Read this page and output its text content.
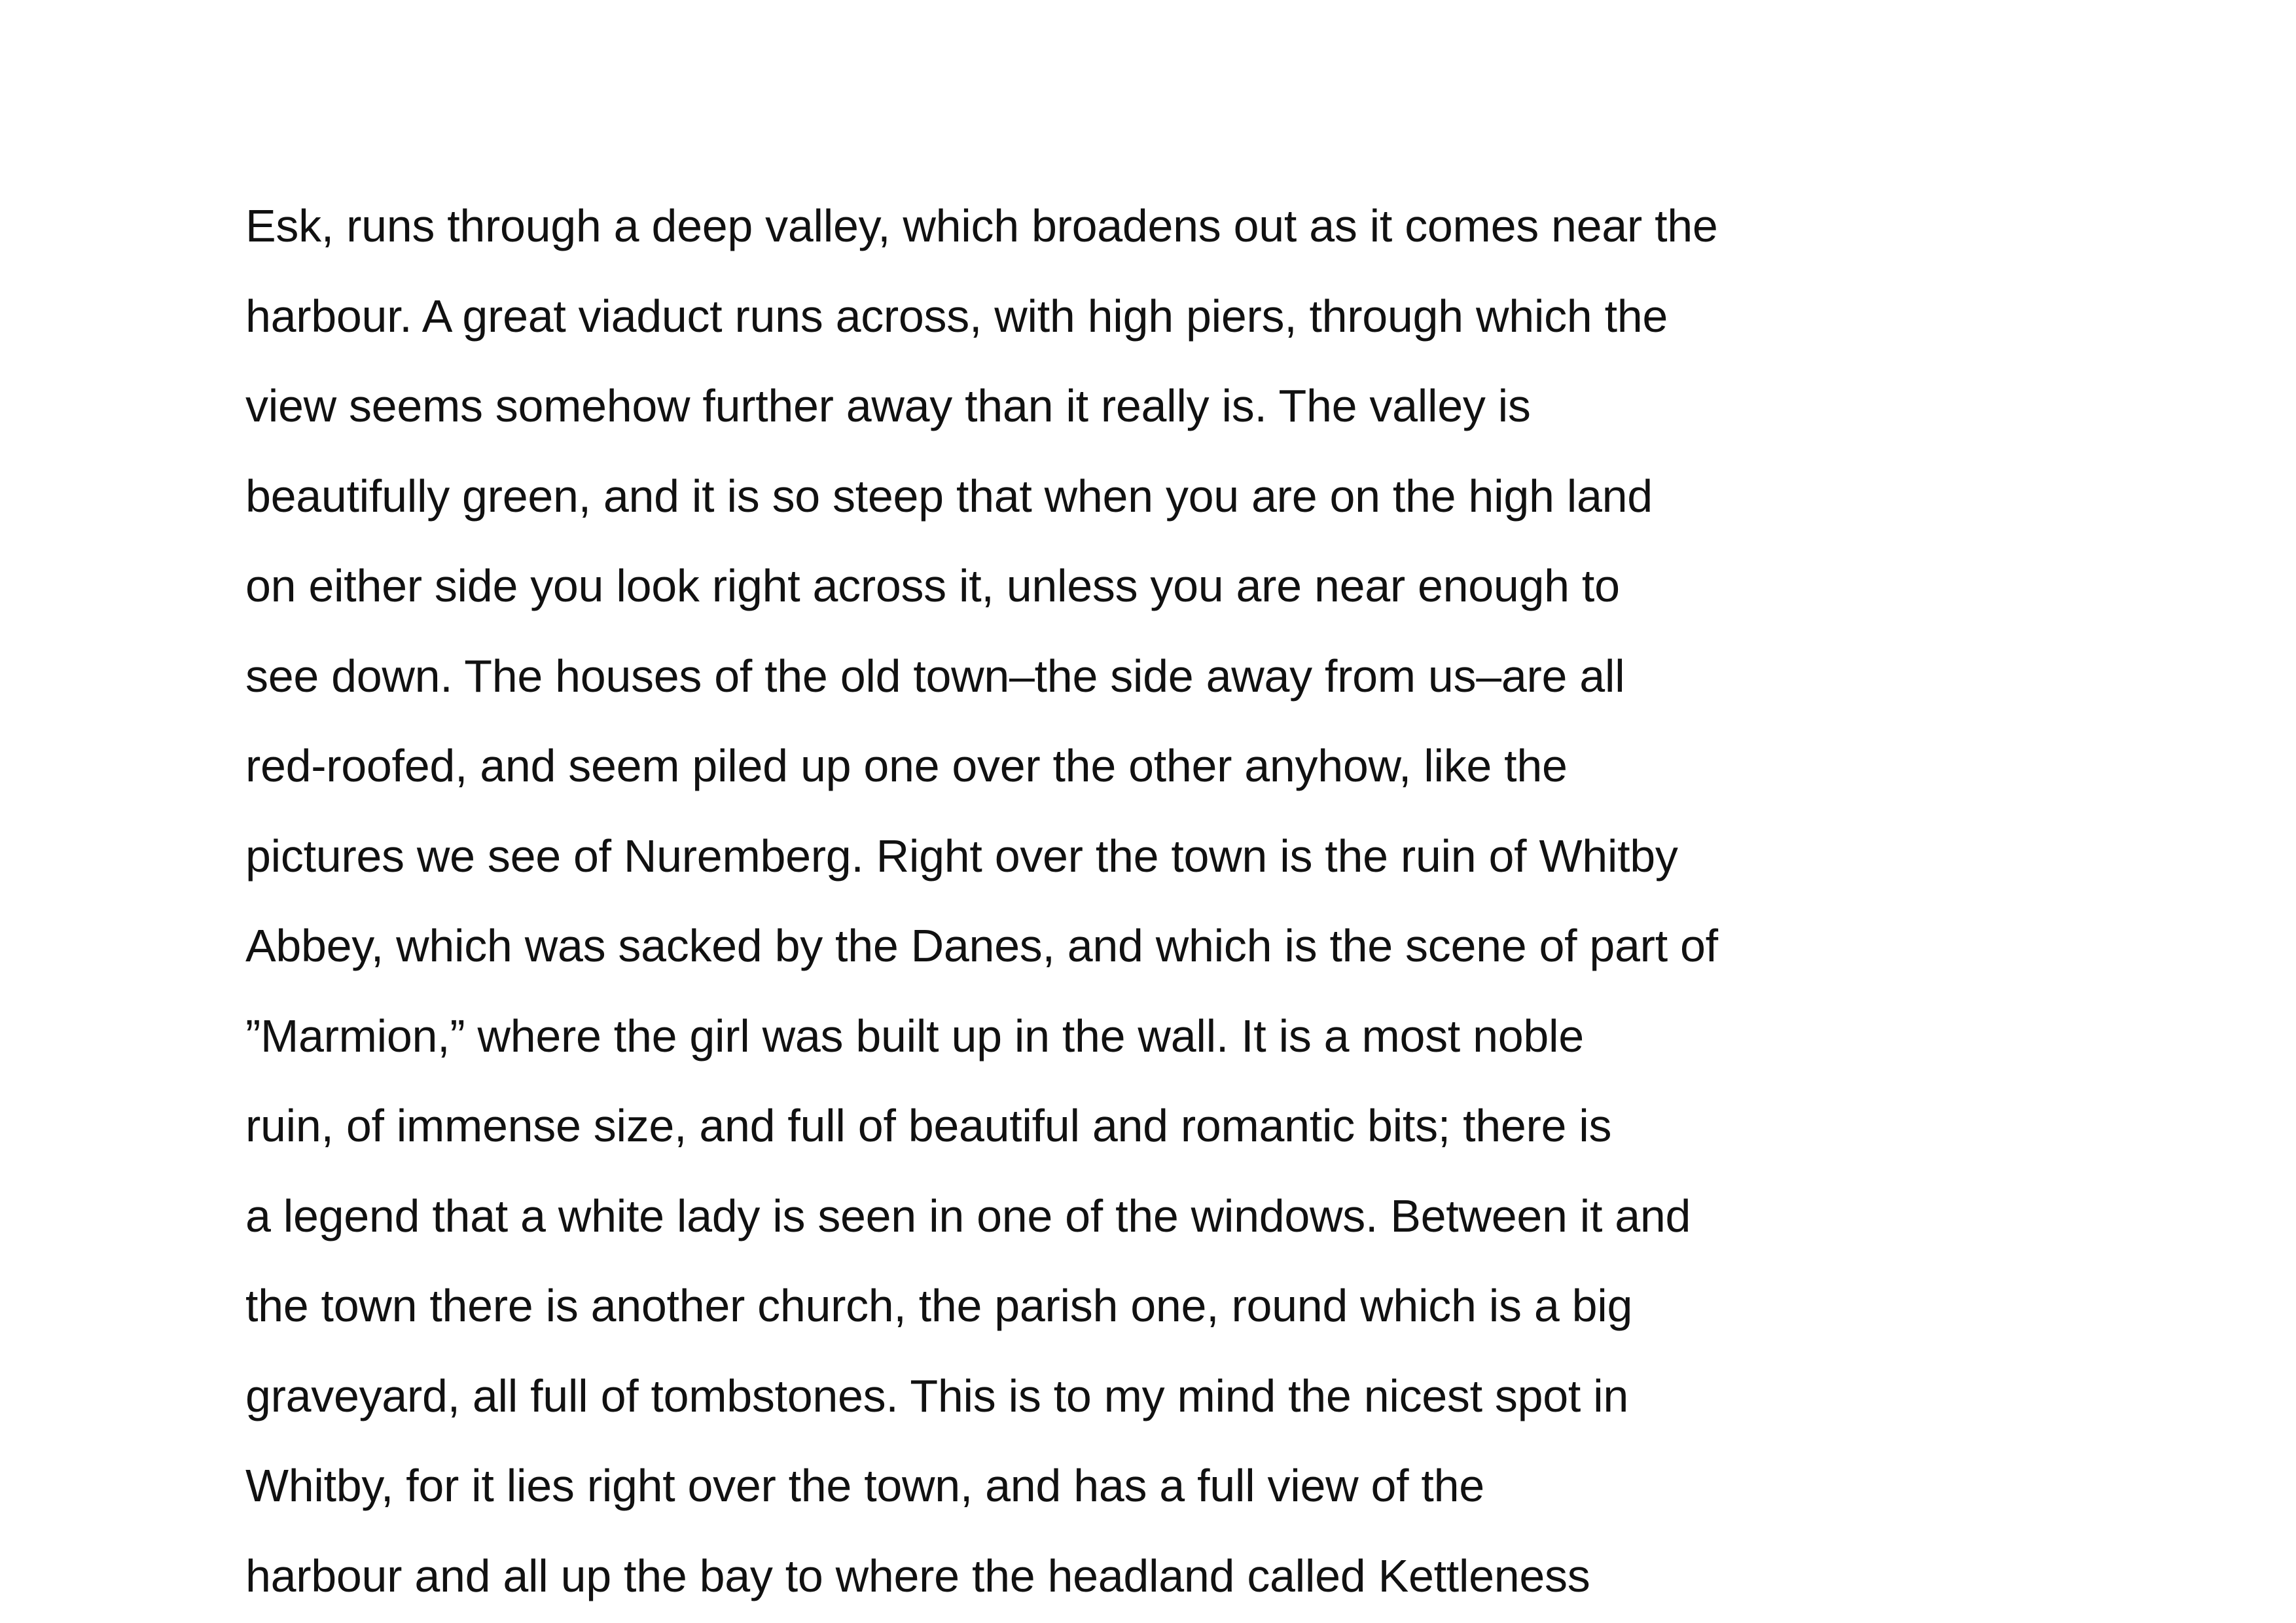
Esk, runs through a deep valley, which broadens out as it comes near the
harbour. A great viaduct runs across, with high piers, through which the
view seems somehow further away than it really is. The valley is
beautifully green, and it is so steep that when you are on the high land
on either side you look right across it, unless you are near enough to
see down. The houses of the old town–the side away from us–are all
red-roofed, and seem piled up one over the other anyhow, like the
pictures we see of Nuremberg. Right over the town is the ruin of Whitby
Abbey, which was sacked by the Danes, and which is the scene of part of
”Marmion,” where the girl was built up in the wall. It is a most noble
ruin, of immense size, and full of beautiful and romantic bits; there is
a legend that a white lady is seen in one of the windows. Between it and
the town there is another church, the parish one, round which is a big
graveyard, all full of tombstones. This is to my mind the nicest spot in
Whitby, for it lies right over the town, and has a full view of the
harbour and all up the bay to where the headland called Kettleness
